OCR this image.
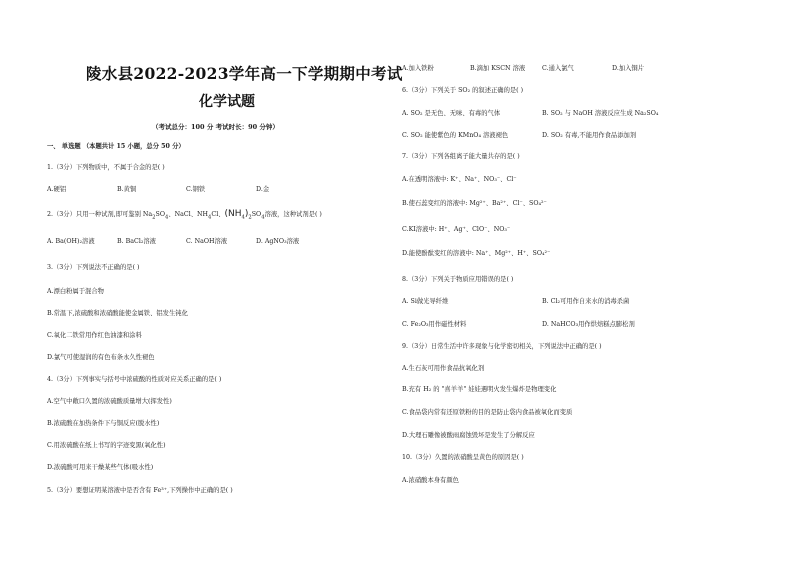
陵水县2022-2023学年高一下学期期中考试
化学试题
（考试总分：100 分 考试时长：90 分钟）
一、 单选题 （本题共计 15 小题，总分 50 分）
1.（3分）下列物质中，不属于合金的是( )
A.硬铝	B.黄铜	C.钢铁	D.金
2.（3分）只用一种试剂,即可鉴别 $Na_2SO_4$、NaCl、$NH_4Cl$、$(NH_4)_2SO_4$溶液，这种试剂是( )
A. Ba(OH)₂溶液	B. BaCl₂溶液	C. NaOH溶液	D. AgNO₃溶液
3.（3分）下列说法不正确的是( )
A.漂白粉属于混合物
B.常温下,浓硫酸和浓硝酸能使金属铁、铝发生钝化
C.氧化二铁常用作红色油漆和涂料
D.氯气可使湿润的有色布条永久性褪色
4.（3分）下列事实与括号中浓硫酸的性质对应关系正确的是( )
A.空气中敞口久置的浓硫酸质量增大(挥发性)
B.浓硫酸在加热条件下与铜反应(脱水性)
C.用浓硫酸在纸上书写的字迹变黑(氧化性)
D.浓硫酸可用来干燥某些气体(吸水性)
5.（3分）要想证明某溶液中是否含有 Fe³⁺,下列操作中正确的是( )
A.加入铁粉	B.滴加 KSCN 溶液	C.通入氯气	D.加入铜片
6.（3分）下列关于 SO₂ 的叙述正确的是( )
A. SO₂ 是无色、无味、有毒的气体	B. SO₂ 与 NaOH 溶液反应生成 Na₂SO₄
C. SO₂ 能使紫色的 KMnO₄ 溶液褪色	D. SO₂ 有毒,不能用作食品添加剂
7.（3分）下列各组离子能大量共存的是( )
A.在透明溶液中: K⁺、Na⁺、NO₃⁻、Cl⁻
B.使石蕊变红的溶液中: Mg²⁺、Ba²⁺、Cl⁻、SO₄²⁻
C.KI溶液中: H⁺、Ag⁺、ClO⁻、NO₃⁻
D.能使酚酞变红的溶液中: Na⁺、Mg²⁺、H⁺、SO₄²⁻
8.（3分）下列关于物质应用错误的是( )
A. Si做光导纤维	B. Cl₂可用作自来水的消毒杀菌
C. Fe₂O₃用作磁性材料	D. NaHCO₃用作烘焙糕点膨松剂
9.（3分）日常生活中许多现象与化学密切相关，下列说法中正确的是( )
A.生石灰可用作食品抗氧化剂
B.充有 H₂ 的 "喜羊羊" 娃娃遇明火发生爆炸是物理变化
C.食品袋内常有还原铁粉的目的是防止袋内食品被氧化而变质
D.大理石雕像被酸雨腐蚀毁坏是发生了分解反应
10.（3分）久置的浓硝酸呈黄色的原因是( )
A.浓硝酸本身有颜色
